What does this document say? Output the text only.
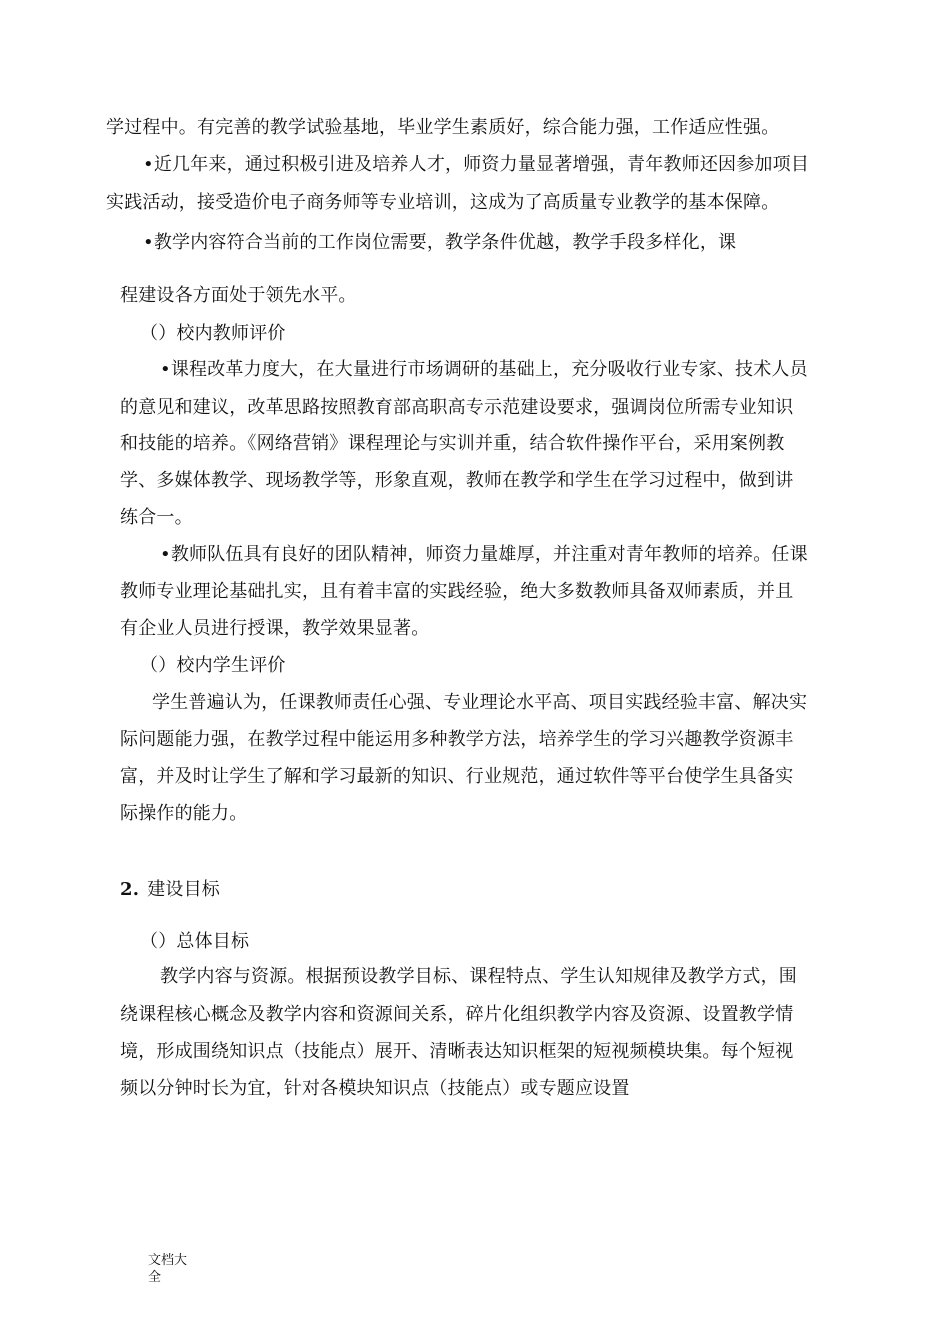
学过程中。有完善的教学试验基地，毕业学生素质好，综合能力强，工作适应性强。
•近几年来，通过积极引进及培养人才，师资力量显著增强，青年教师还因参加项目
实践活动，接受造价电子商务师等专业培训，这成为了高质量专业教学的基本保障。
•教学内容符合当前的工作岗位需要，教学条件优越，教学手段多样化，课
程建设各方面处于领先水平。
（）校内教师评价
•课程改革力度大，在大量进行市场调研的基础上，充分吸收行业专家、技术人员
的意见和建议，改革思路按照教育部高职高专示范建设要求，强调岗位所需专业知识
和技能的培养。《网络营销》课程理论与实训并重，结合软件操作平台，采用案例教
学、多媒体教学、现场教学等，形象直观，教师在教学和学生在学习过程中，做到讲
练合一。
•教师队伍具有良好的团队精神，师资力量雄厚，并注重对青年教师的培养。任课
教师专业理论基础扎实，且有着丰富的实践经验，绝大多数教师具备双师素质，并且
有企业人员进行授课，教学效果显著。
（）校内学生评价
学生普遍认为，任课教师责任心强、专业理论水平高、项目实践经验丰富、解决实
际问题能力强，在教学过程中能运用多种教学方法，培养学生的学习兴趣教学资源丰
富，并及时让学生了解和学习最新的知识、行业规范，通过软件等平台使学生具备实
际操作的能力。
2. 建设目标
（）总体目标
教学内容与资源。根据预设教学目标、课程特点、学生认知规律及教学方式，围
绕课程核心概念及教学内容和资源间关系，碎片化组织教学内容及资源、设置教学情
境，形成围绕知识点（技能点）展开、清晰表达知识框架的短视频模块集。每个短视
频以分钟时长为宜，针对各模块知识点（技能点）或专题应设置
文档大全
